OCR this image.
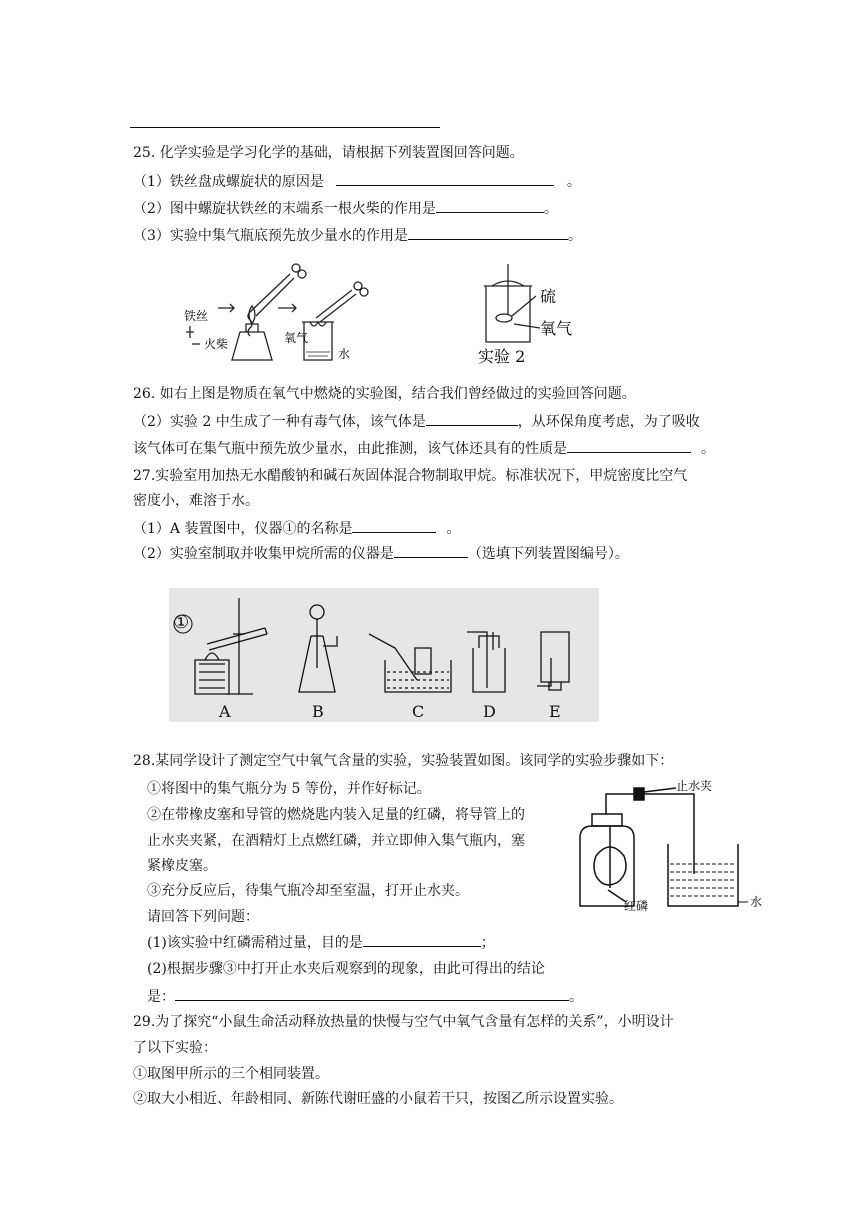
25. 化学实验是学习化学的基础，请根据下列装置图回答问题。
（1）铁丝盘成螺旋状的原因是	。
（2）图中螺旋状铁丝的末端系一根火柴的作用是	。
（3）实验中集气瓶底预先放少量水的作用是	。
铁丝
火柴	氧气
水
硫
氧气
实验 2
26. 如右上图是物质在氧气中燃烧的实验图，结合我们曾经做过的实验回答问题。
（2）实验 2 中生成了一种有毒气体，该气体是	，从环保角度考虑，为了吸收
该气体可在集气瓶中预先放少量水，由此推测，该气体还具有的性质是	。
27.实验室用加热无水醋酸钠和碱石灰固体混合物制取甲烷。标准状况下，甲烷密度比空气
密度小，难溶于水。
（1）A 装置图中，仪器①的名称是	。
（2）实验室制取并收集甲烷所需的仪器是	（选填下列装置图编号）。
①
A	B	C	D	E
28.某同学设计了测定空气中氧气含量的实验，实验装置如图。该同学的实验步骤如下：
①将图中的集气瓶分为 5 等份，并作好标记。
②在带橡皮塞和导管的燃烧匙内装入足量的红磷，将导管上的
止水夹夹紧，在酒精灯上点燃红磷，并立即伸入集气瓶内，塞
紧橡皮塞。
③充分反应后，待集气瓶冷却至室温，打开止水夹。
请回答下列问题：
(1)该实验中红磷需稍过量，目的是	；
(2)根据步骤③中打开止水夹后观察到的现象，由此可得出的结论
是：	。
止水夹
红磷	水
29.为了探究“小鼠生命活动释放热量的快慢与空气中氧气含量有怎样的关系”，小明设计
了以下实验：
①取图甲所示的三个相同装置。
②取大小相近、年龄相同、新陈代谢旺盛的小鼠若干只，按图乙所示设置实验。
